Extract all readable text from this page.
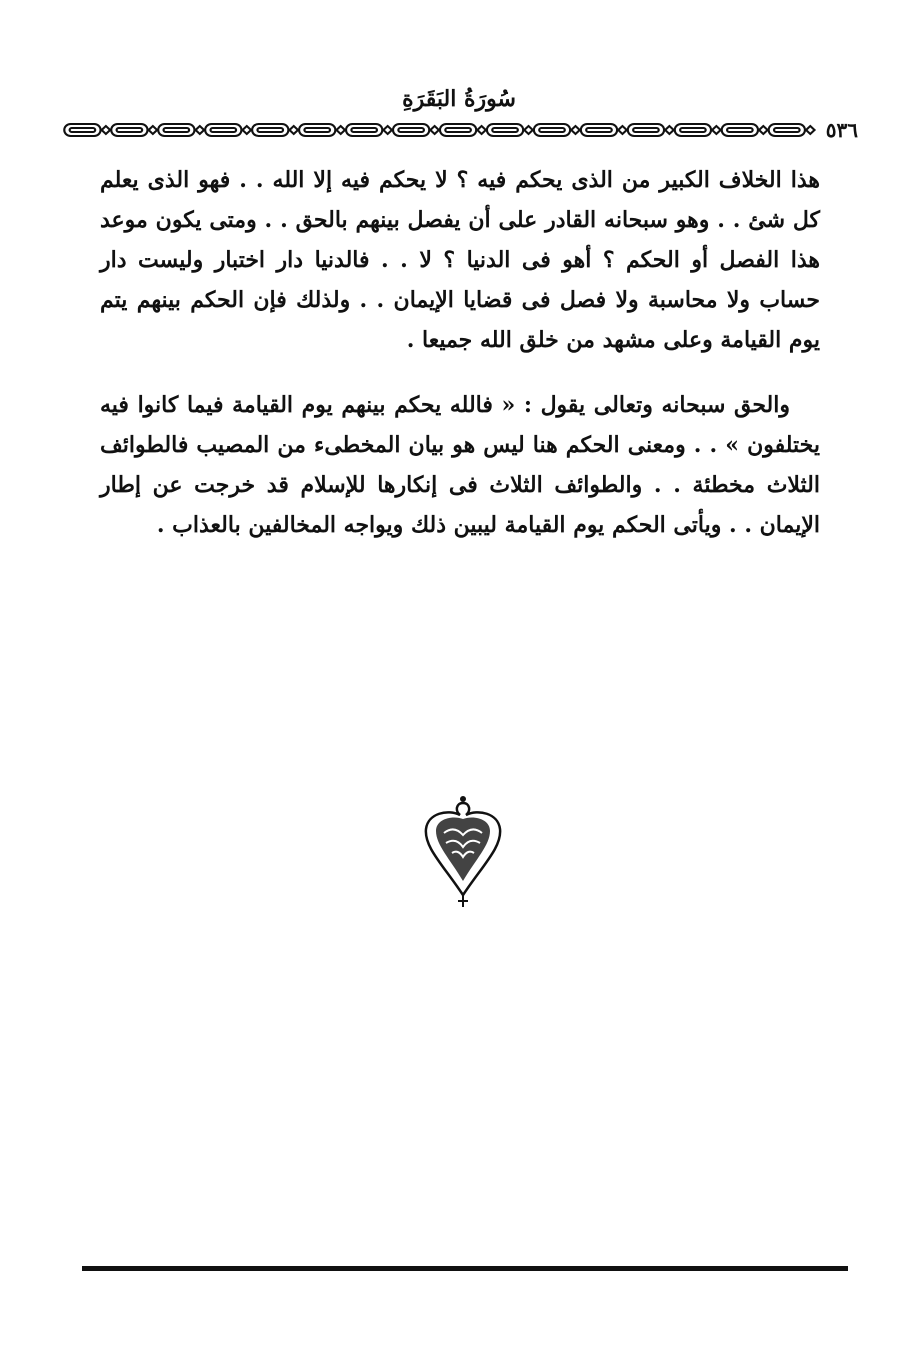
سُورَةُ البَقَرَةِ
٥٣٦

هذا الخلاف الكبير من الذى يحكم فيه ؟ لا يحكم فيه إلا الله . . فهو الذى يعلم كل شئ . . وهو سبحانه القادر على أن يفصل بينهم بالحق . . ومتى يكون موعد هذا الفصل أو الحكم ؟ أهو فى الدنيا ؟ لا . . فالدنيا دار اختبار وليست دار حساب ولا محاسبة ولا فصل فى قضايا الإيمان . . ولذلك فإن الحكم بينهم يتم يوم القيامة وعلى مشهد من خلق الله جميعا .

والحق سبحانه وتعالى يقول : « فالله يحكم بينهم يوم القيامة فيما كانوا فيه يختلفون » . . ومعنى الحكم هنا ليس هو بيان المخطىء من المصيب فالطوائف الثلاث مخطئة . . والطوائف الثلاث فى إنكارها للإسلام قد خرجت عن إطار الإيمان . . ويأتى الحكم يوم القيامة ليبين ذلك ويواجه المخالفين بالعذاب .
